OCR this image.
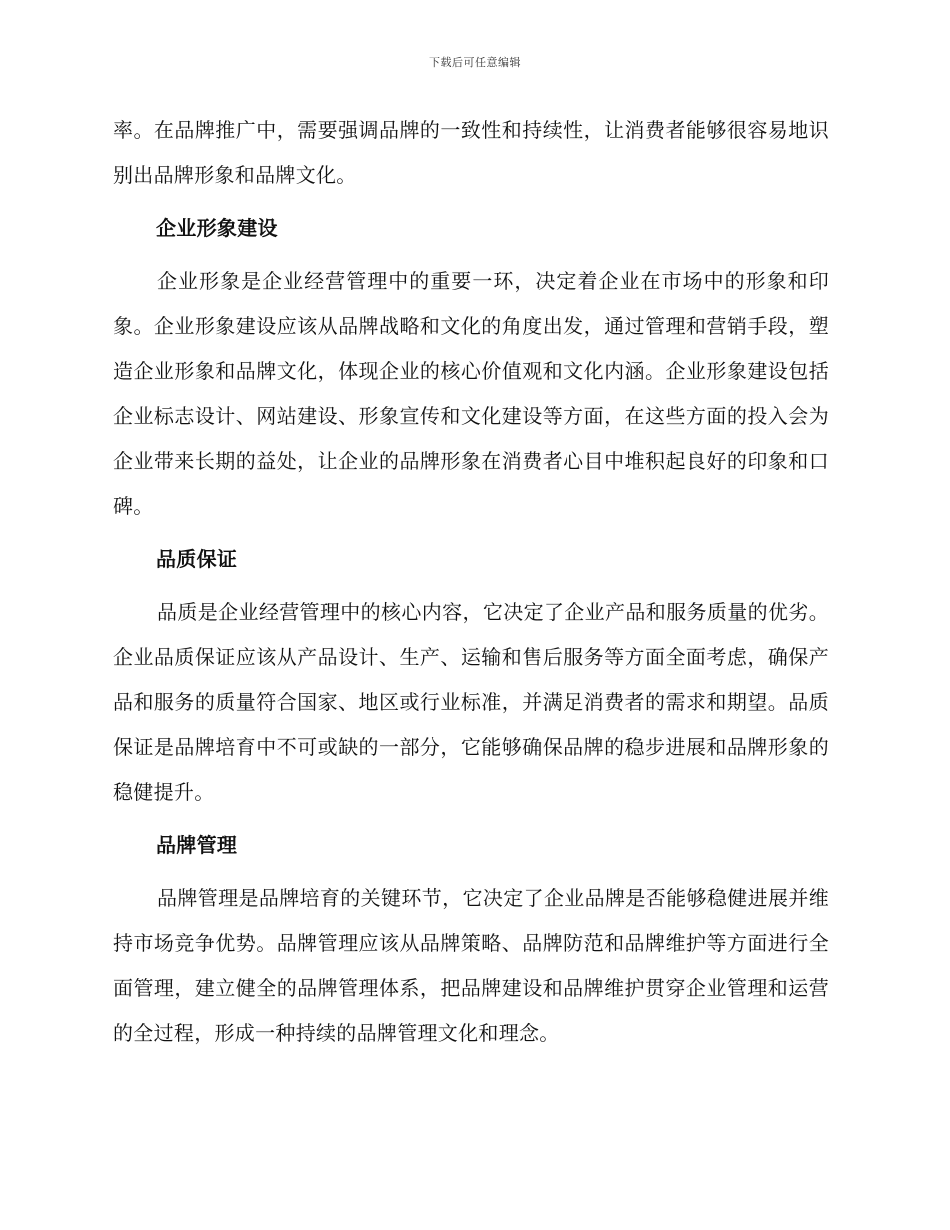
下载后可任意编辑

率。在品牌推广中，需要强调品牌的一致性和持续性，让消费者能够很容易地识别出品牌形象和品牌文化。

企业形象建设

企业形象是企业经营管理中的重要一环，决定着企业在市场中的形象和印象。企业形象建设应该从品牌战略和文化的角度出发，通过管理和营销手段，塑造企业形象和品牌文化，体现企业的核心价值观和文化内涵。企业形象建设包括企业标志设计、网站建设、形象宣传和文化建设等方面，在这些方面的投入会为企业带来长期的益处，让企业的品牌形象在消费者心目中堆积起良好的印象和口碑。

品质保证

品质是企业经营管理中的核心内容，它决定了企业产品和服务质量的优劣。企业品质保证应该从产品设计、生产、运输和售后服务等方面全面考虑，确保产品和服务的质量符合国家、地区或行业标准，并满足消费者的需求和期望。品质保证是品牌培育中不可或缺的一部分，它能够确保品牌的稳步进展和品牌形象的稳健提升。

品牌管理

品牌管理是品牌培育的关键环节，它决定了企业品牌是否能够稳健进展并维持市场竞争优势。品牌管理应该从品牌策略、品牌防范和品牌维护等方面进行全面管理，建立健全的品牌管理体系，把品牌建设和品牌维护贯穿企业管理和运营的全过程，形成一种持续的品牌管理文化和理念。
